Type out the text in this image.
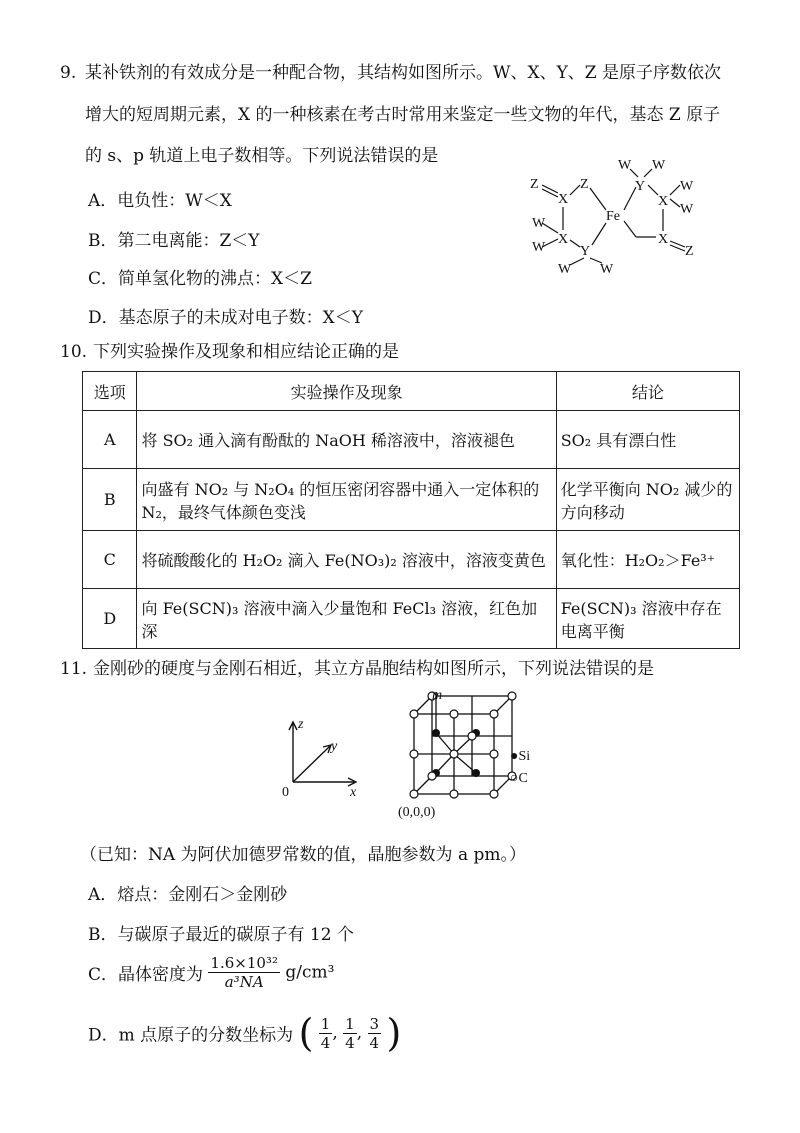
9. 某补铁剂的有效成分是一种配合物，其结构如图所示。W、X、Y、Z 是原子序数依次
增大的短周期元素，X 的一种核素在考古时常用来鉴定一些文物的年代，基态 Z 原子
的 s、p 轨道上电子数相等。下列说法错误的是
A．电负性：W＜X
B．第二电离能：Z＜Y
C．简单氢化物的沸点：X＜Z
D．基态原子的未成对电子数：X＜Y
Fe
Z
X
Z
X
Y
W
W
W W
Y
W W
X
W
W
X
Z
10. 下列实验操作及现象和相应结论正确的是
选项	实验操作及现象	结论
A	将 SO₂ 通入滴有酚酞的 NaOH 稀溶液中，溶液褪色	SO₂ 具有漂白性
B	向盛有 NO₂ 与 N₂O₄ 的恒压密闭容器中通入一定体积的 N₂，最终气体颜色变浅	化学平衡向 NO₂ 减少的方向移动
C	将硫酸酸化的 H₂O₂ 滴入 Fe(NO₃)₂ 溶液中，溶液变黄色	氧化性：H₂O₂＞Fe³⁺
D	向 Fe(SCN)₃ 溶液中滴入少量饱和 FeCl₃ 溶液，红色加深	Fe(SCN)₃ 溶液中存在电离平衡
11. 金刚砂的硬度与金刚石相近，其立方晶胞结构如图所示，下列说法错误的是
z
y
x
0
m
(0,0,0)
●Si
○C
（已知：NA 为阿伏加德罗常数的值，晶胞参数为 a pm。）
A．熔点：金刚石＞金刚砂
B．与碳原子最近的碳原子有 12 个
C．晶体密度为 $\frac{\text{1.6×10³²}}{\text{a³NA}} g/cm^3$
D．m 点原子的分数坐标为 ( $\frac{1}{4}$ , $\frac{1}{4}$ , $\frac{3}{4}$ )
